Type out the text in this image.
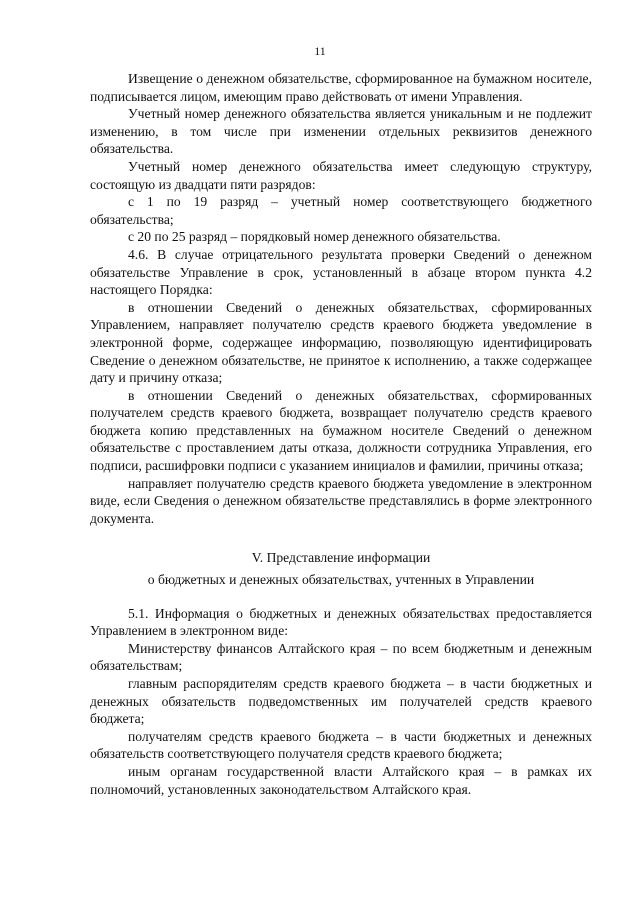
11

Извещение о денежном обязательстве, сформированное на бумажном носителе, подписывается лицом, имеющим право действовать от имени Управления.

Учетный номер денежного обязательства является уникальным и не подлежит изменению, в том числе при изменении отдельных реквизитов денежного обязательства.

Учетный номер денежного обязательства имеет следующую структуру, состоящую из двадцати пяти разрядов:

с 1 по 19 разряд – учетный номер соответствующего бюджетного обязательства;

с 20 по 25 разряд – порядковый номер денежного обязательства.

4.6. В случае отрицательного результата проверки Сведений о денежном обязательстве Управление в срок, установленный в абзаце втором пункта 4.2 настоящего Порядка:

в отношении Сведений о денежных обязательствах, сформированных Управлением, направляет получателю средств краевого бюджета уведомление в электронной форме, содержащее информацию, позволяющую идентифицировать Сведение о денежном обязательстве, не принятое к исполнению, а также содержащее дату и причину отказа;

в отношении Сведений о денежных обязательствах, сформированных получателем средств краевого бюджета, возвращает получателю средств краевого бюджета копию представленных на бумажном носителе Сведений о денежном обязательстве с проставлением даты отказа, должности сотрудника Управления, его подписи, расшифровки подписи с указанием инициалов и фамилии, причины отказа;

направляет получателю средств краевого бюджета уведомление в электронном виде, если Сведения о денежном обязательстве представлялись в форме электронного документа.

V. Представление информации

о бюджетных и денежных обязательствах, учтенных в Управлении

5.1. Информация о бюджетных и денежных обязательствах предоставляется Управлением в электронном виде:

Министерству финансов Алтайского края – по всем бюджетным и денежным обязательствам;

главным распорядителям средств краевого бюджета – в части бюджетных и денежных обязательств подведомственных им получателей средств краевого бюджета;

получателям средств краевого бюджета – в части бюджетных и денежных обязательств соответствующего получателя средств краевого бюджета;

иным органам государственной власти Алтайского края – в рамках их полномочий, установленных законодательством Алтайского края.
